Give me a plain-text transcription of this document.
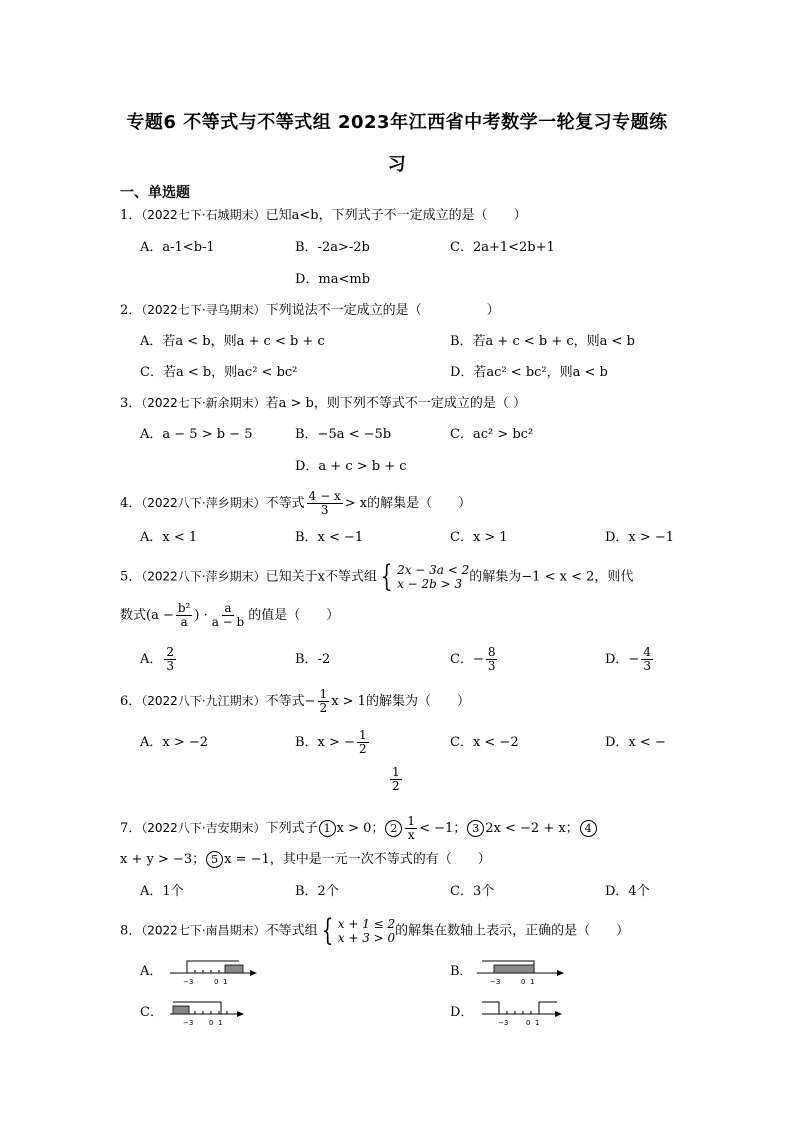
专题6 不等式与不等式组 2023年江西省中考数学一轮复习专题练
习
一、单选题
1．（2022七下·石城期末）已知a<b，下列式子不一定成立的是（　　）
A．a-1<b-1	B．-2a>-2b	C．2a+1<2b+1
D．ma<mb
2．（2022七下·寻乌期末）下列说法不一定成立的是（　　　　　）
A．若a < b，则a + c < b + c	B．若a + c < b + c，则a < b
C．若a < b，则ac² < bc²	D．若ac² < bc²，则a < b
3．（2022七下·新余期末）若a > b，则下列不等式不一定成立的是（ ）
A．a − 5 > b − 5	B．−5a < −5b	C．ac² > bc²
D．a + c > b + c
4．（2022八下·萍乡期末）不等式 $\frac{4 - x}{3} > x$的解集是（　　）
A．x < 1	B．x < −1	C．x > 1	D．x > −1
5．（2022八下·萍乡期末）已知关于x不等式组 { 2x − 3a < 2
x − 2b > 3 的解集为−1 < x < 2，则代
数式($a - \frac{\text{b²}}{a}$ ) · $\frac{a}{a - b}$ 的值是（　　）
A． $\frac{2}{3}$	B．-2	C．− $\frac{8}{3}$	D．− $\frac{4}{3}$
6．（2022八下·九江期末）不等式− $\frac{1}{2}$ x > 1的解集为（　　）
A．x > −2	B．x > − $\frac{1}{2}$	C．x < −2	D．x < −
$\frac{1}{2}$
7．（2022八下·吉安期末）下列式子 1 x > 0； $2 \frac{1}{x} < -1$； 3 2x < −2 + x； 4
x + y > −3； 5 x = −1，其中是一元一次不等式的有（　　）
A．1个	B．2个	C．3个	D．4个
8．（2022七下·南昌期末）不等式组 { x + 1 ≤ 2
x + 3 > 0 的解集在数轴上表示，正确的是（　　）
A．
−3	0 1
B．
−3	0 1
C．
−3 0 1
D．
−3	0 1
